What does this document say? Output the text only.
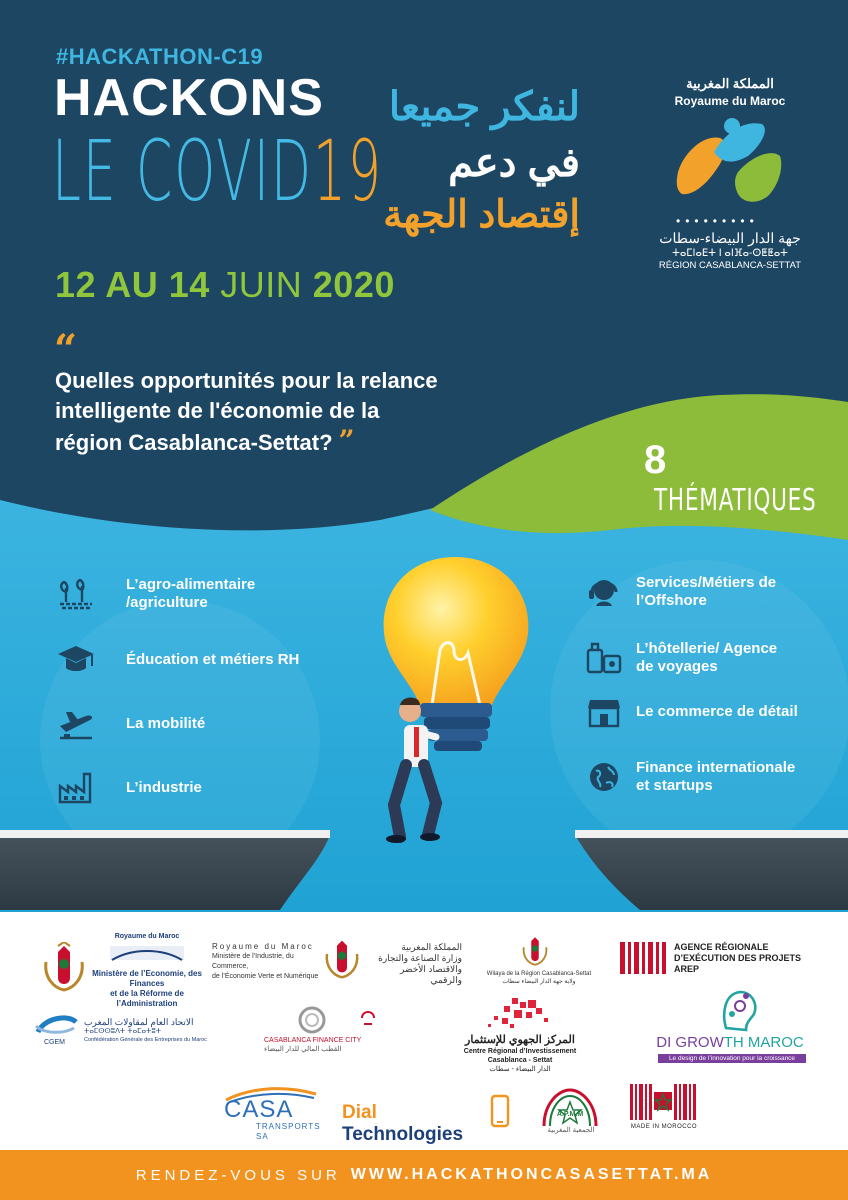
#HACKATHON-C19
HACKONS
LE COVID19
لنفكر جميعا
في دعم
إقتصاد الجهة
12 AU 14 JUIN 2020
المملكة المغربية
Royaume du Maroc
•••••••••
جهة الدار البيضاء-سطات
ⵜⴰⵎⵏⴰⴹⵜ ⵏ ⴰⵏⴼⴰ-ⵙⵟⵟⴰⵜ
RÉGION CASABLANCA-SETTAT
“
Quelles opportunités pour la relance
intelligente de l'économie de la
région Casablanca-Settat? ”	8THÉMATIQUES
L’agro-alimentaire
/agriculture
Éducation et métiers RH
La mobilité
L’industrie
Services/Métiers de
l’Offshore
L’hôtellerie/ Agence
de voyages
Le commerce de détail
Finance internationale
et startups
Royaume du Maroc
Ministère de l’Economie, des Finances
et de la Réforme de l’Administration
Royaume du Maroc
Ministère de l’Industrie, du Commerce,
de l’Économie Verte et Numérique
المملكة المغربية
وزارة الصناعة والتجارة
والاقتصاد الأخضر والرقمي
Wilaya de la Région Casablanca-Settat
ولاية جهة الدار البيضاء سطات
AGENCE RÉGIONALE
D’EXÉCUTION DES PROJETS
AREP
CGEM
الاتحاد العام لمقاولات المغرب
ⵜⴰⵎⵙⵙⵓⴷⵜ ⵜⴰⵎⴰⵜⵓⵜ
Confédération Générale des Entreprises du Maroc	CASABLANCA FINANCE CITY
القطب المالي للدار البيضاء
المركز الجهوي للإستثمار
Centre Régional d’Investissement
Casablanca - Settat
الدار البيضاء - سطات
DI GROWTH MAROC
Le design de l’innovation pour la croissance
CASA
TRANSPORTS SA
Dial Technologies
A.P.M.M
الجمعية المغربية	MADE IN MOROCCO
RENDEZ-VOUS SUR WWW.HACKATHONCASASETTAT.MA
